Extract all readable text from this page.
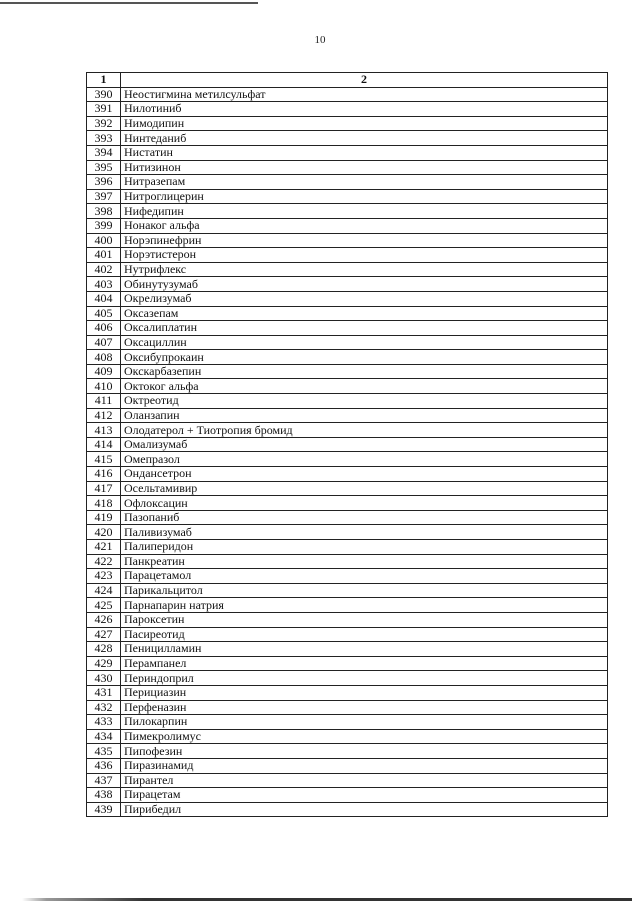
10
1	2
390	Неостигмина метилсульфат
391	Нилотиниб
392	Нимодипин
393	Нинтеданиб
394	Нистатин
395	Нитизинон
396	Нитразепам
397	Нитроглицерин
398	Нифедипин
399	Нонаког альфа
400	Норэпинефрин
401	Норэтистерон
402	Нутрифлекс
403	Обинутузумаб
404	Окрелизумаб
405	Оксазепам
406	Оксалиплатин
407	Оксациллин
408	Оксибупрокаин
409	Окскарбазепин
410	Октоког альфа
411	Октреотид
412	Оланзапин
413	Олодатерол + Тиотропия бромид
414	Омализумаб
415	Омепразол
416	Ондансетрон
417	Осельтамивир
418	Офлоксацин
419	Пазопаниб
420	Паливизумаб
421	Палиперидон
422	Панкреатин
423	Парацетамол
424	Парикальцитол
425	Парнапарин натрия
426	Пароксетин
427	Пасиреотид
428	Пеницилламин
429	Перампанел
430	Периндоприл
431	Перициазин
432	Перфеназин
433	Пилокарпин
434	Пимекролимус
435	Пипофезин
436	Пиразинамид
437	Пирантел
438	Пирацетам
439	Пирибедил
